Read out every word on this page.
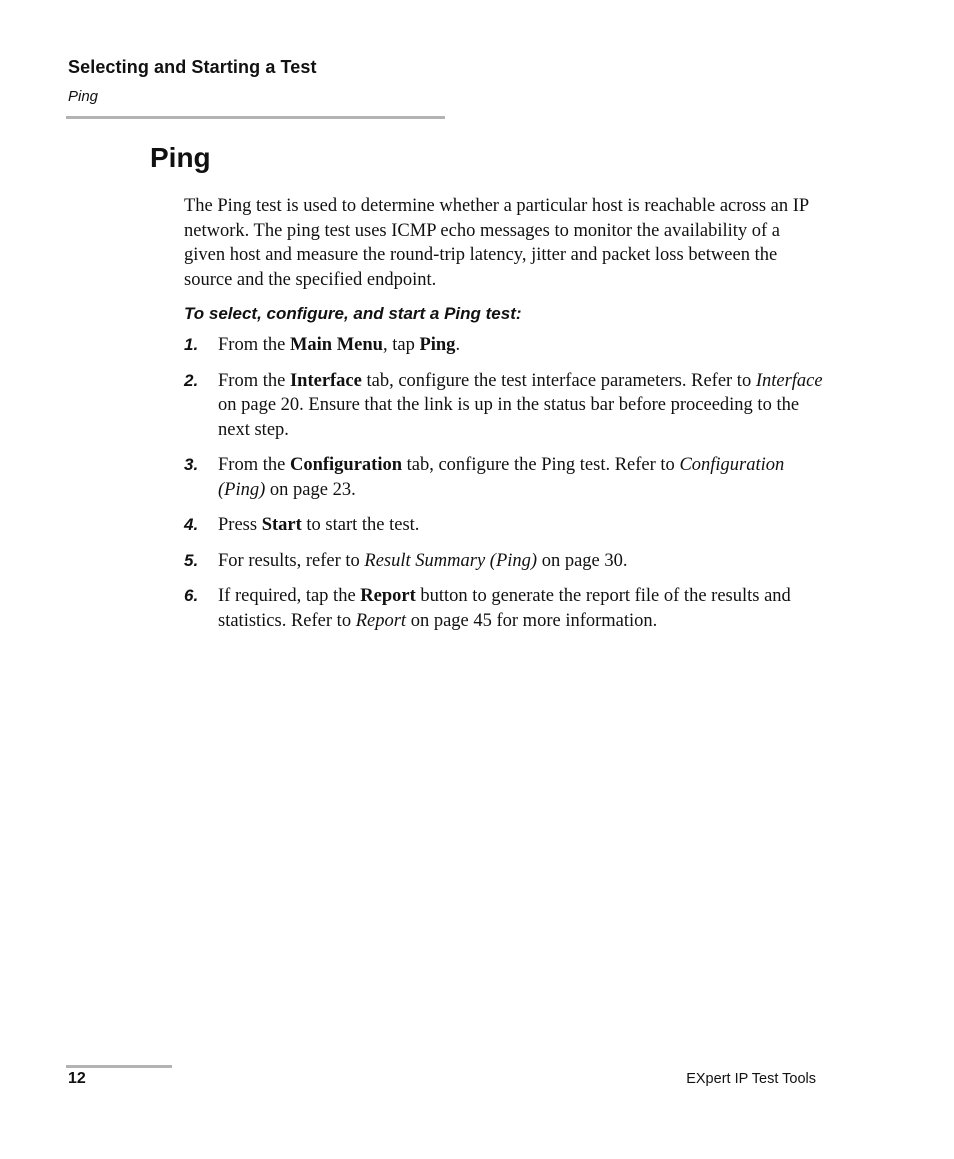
Selecting and Starting a Test
Ping
Ping

The Ping test is used to determine whether a particular host is reachable across an IP network. The ping test uses ICMP echo messages to monitor the availability of a given host and measure the round-trip latency, jitter and packet loss between the source and the specified endpoint.

To select, configure, and start a Ping test:
1. From the Main Menu, tap Ping.
2. From the Interface tab, configure the test interface parameters. Refer to Interface on page 20. Ensure that the link is up in the status bar before proceeding to the next step.
3. From the Configuration tab, configure the Ping test. Refer to Configuration (Ping) on page 23.
4. Press Start to start the test.
5. For results, refer to Result Summary (Ping) on page 30.
6. If required, tap the Report button to generate the report file of the results and statistics. Refer to Report on page 45 for more information.
12	EXpert IP Test Tools
